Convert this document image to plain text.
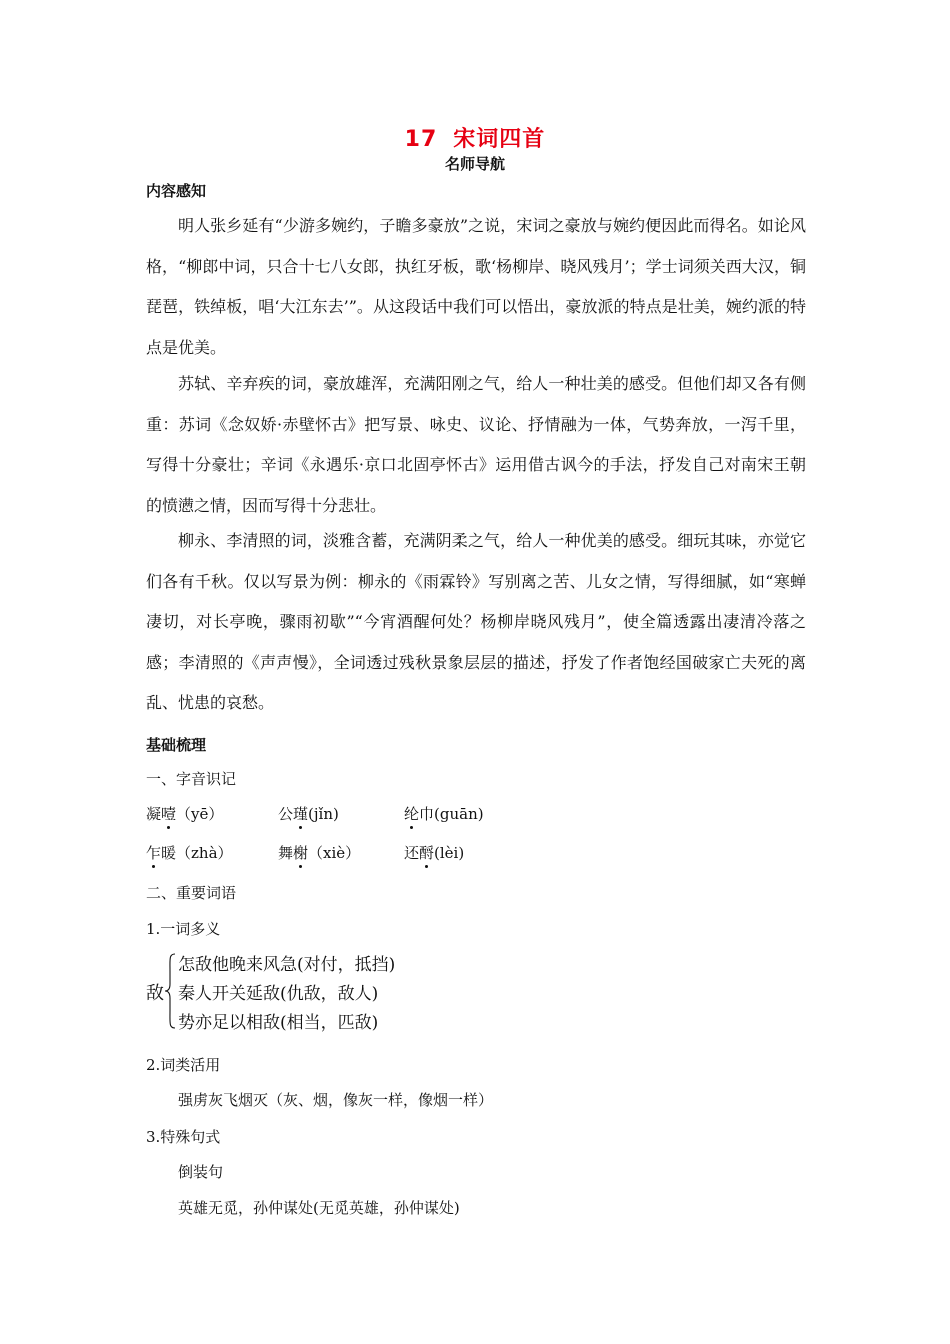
17 宋词四首
名师导航
内容感知

明人张乡延有“少游多婉约，子瞻多豪放”之说，宋词之豪放与婉约便因此而得名。如论风格，“柳郎中词，只合十七八女郎，执红牙板，歌‘杨柳岸、晓风残月’；学士词须关西大汉，铜琵琶，铁绰板，唱‘大江东去’”。从这段话中我们可以悟出，豪放派的特点是壮美，婉约派的特点是优美。

苏轼、辛弃疾的词，豪放雄浑，充满阳刚之气，给人一种壮美的感受。但他们却又各有侧重：苏词《念奴娇·赤壁怀古》把写景、咏史、议论、抒情融为一体，气势奔放，一泻千里，写得十分豪壮；辛词《永遇乐·京口北固亭怀古》运用借古讽今的手法，抒发自己对南宋王朝的愤懑之情，因而写得十分悲壮。

柳永、李清照的词，淡雅含蓄，充满阴柔之气，给人一种优美的感受。细玩其味，亦觉它们各有千秋。仅以写景为例：柳永的《雨霖铃》写别离之苦、儿女之情，写得细腻，如“寒蝉凄切，对长亭晚，骤雨初歇”“今宵酒醒何处？杨柳岸晓风残月”，使全篇透露出凄清冷落之感；李清照的《声声慢》，全词透过残秋景象层层的描述，抒发了作者饱经国破家亡夫死的离乱、忧患的哀愁。

基础梳理
一、字音识记
凝噎（yē）	公瑾(jǐn)	纶巾(guān)
乍暖（zhà）	舞榭（xiè）	还酹(lèi)
二、重要词语
1.一词多义
敌
怎敌他晚来风急(对付，抵挡)
秦人开关延敌(仇敌，敌人)
势亦足以相敌(相当，匹敌)
2.词类活用
强虏灰飞烟灭（灰、烟，像灰一样，像烟一样）
3.特殊句式
倒装句
英雄无觅，孙仲谋处(无觅英雄，孙仲谋处)
